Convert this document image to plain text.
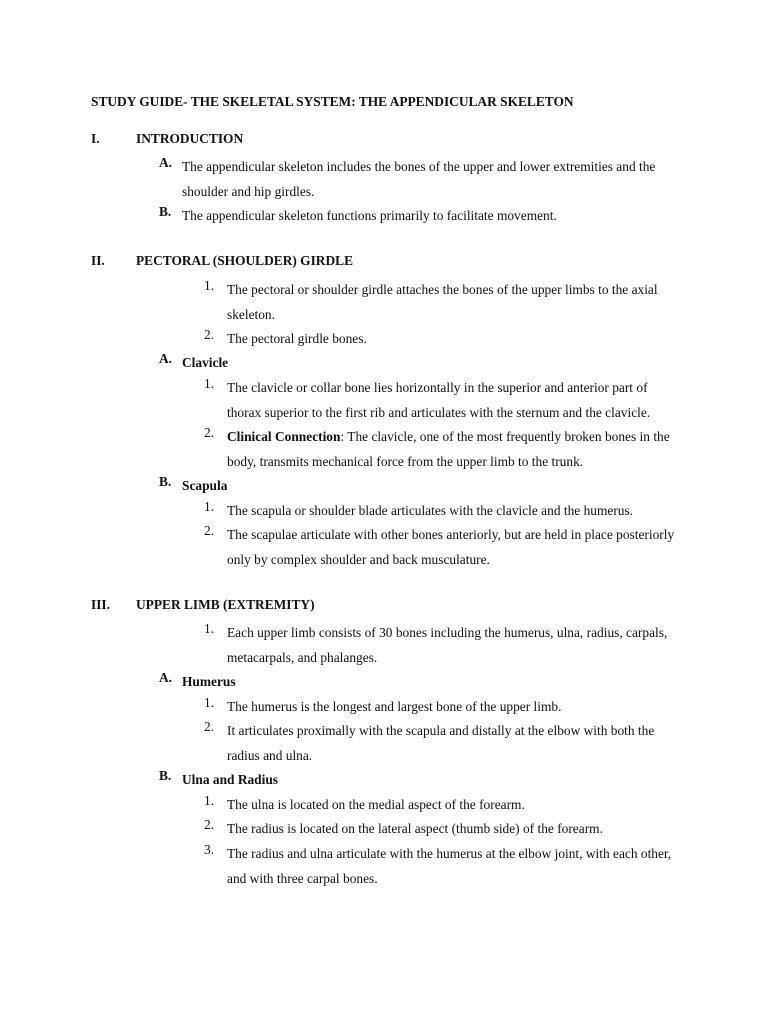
STUDY GUIDE- THE SKELETAL SYSTEM: THE APPENDICULAR SKELETON
I.	INTRODUCTION
A. The appendicular skeleton includes the bones of the upper and lower extremities and the shoulder and hip girdles.
B. The appendicular skeleton functions primarily to facilitate movement.
II.	PECTORAL (SHOULDER) GIRDLE
1. The pectoral or shoulder girdle attaches the bones of the upper limbs to the axial skeleton.
2. The pectoral girdle bones.
A. Clavicle
1. The clavicle or collar bone lies horizontally in the superior and anterior part of thorax superior to the first rib and articulates with the sternum and the clavicle.
2. Clinical Connection: The clavicle, one of the most frequently broken bones in the body, transmits mechanical force from the upper limb to the trunk.
B. Scapula
1. The scapula or shoulder blade articulates with the clavicle and the humerus.
2. The scapulae articulate with other bones anteriorly, but are held in place posteriorly only by complex shoulder and back musculature.
III.	UPPER LIMB (EXTREMITY)
1. Each upper limb consists of 30 bones including the humerus, ulna, radius, carpals, metacarpals, and phalanges.
A. Humerus
1. The humerus is the longest and largest bone of the upper limb.
2. It articulates proximally with the scapula and distally at the elbow with both the radius and ulna.
B. Ulna and Radius
1. The ulna is located on the medial aspect of the forearm.
2. The radius is located on the lateral aspect (thumb side) of the forearm.
3. The radius and ulna articulate with the humerus at the elbow joint, with each other, and with three carpal bones.
